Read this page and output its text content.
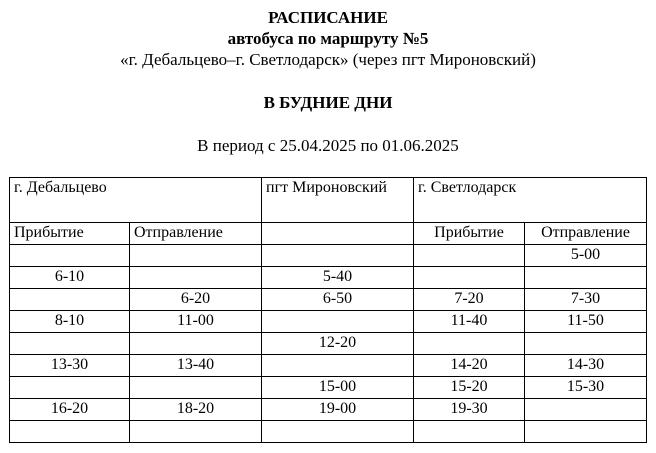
РАСПИСАНИЕ
автобуса по маршруту №5
«г. Дебальцево–г. Светлодарск» (через пгт Мироновский)
В БУДНИЕ ДНИ
В период с 25.04.2025 по 01.06.2025
г. Дебальцево		пгт Мироновский	г. Светлодарск	
Прибытие	Отправление		Прибытие	Отправление
				5-00
6-10		5-40		
	6-20	6-50	7-20	7-30
8-10	11-00		11-40	11-50
		12-20		
13-30	13-40		14-20	14-30
		15-00	15-20	15-30
16-20	18-20	19-00	19-30	
